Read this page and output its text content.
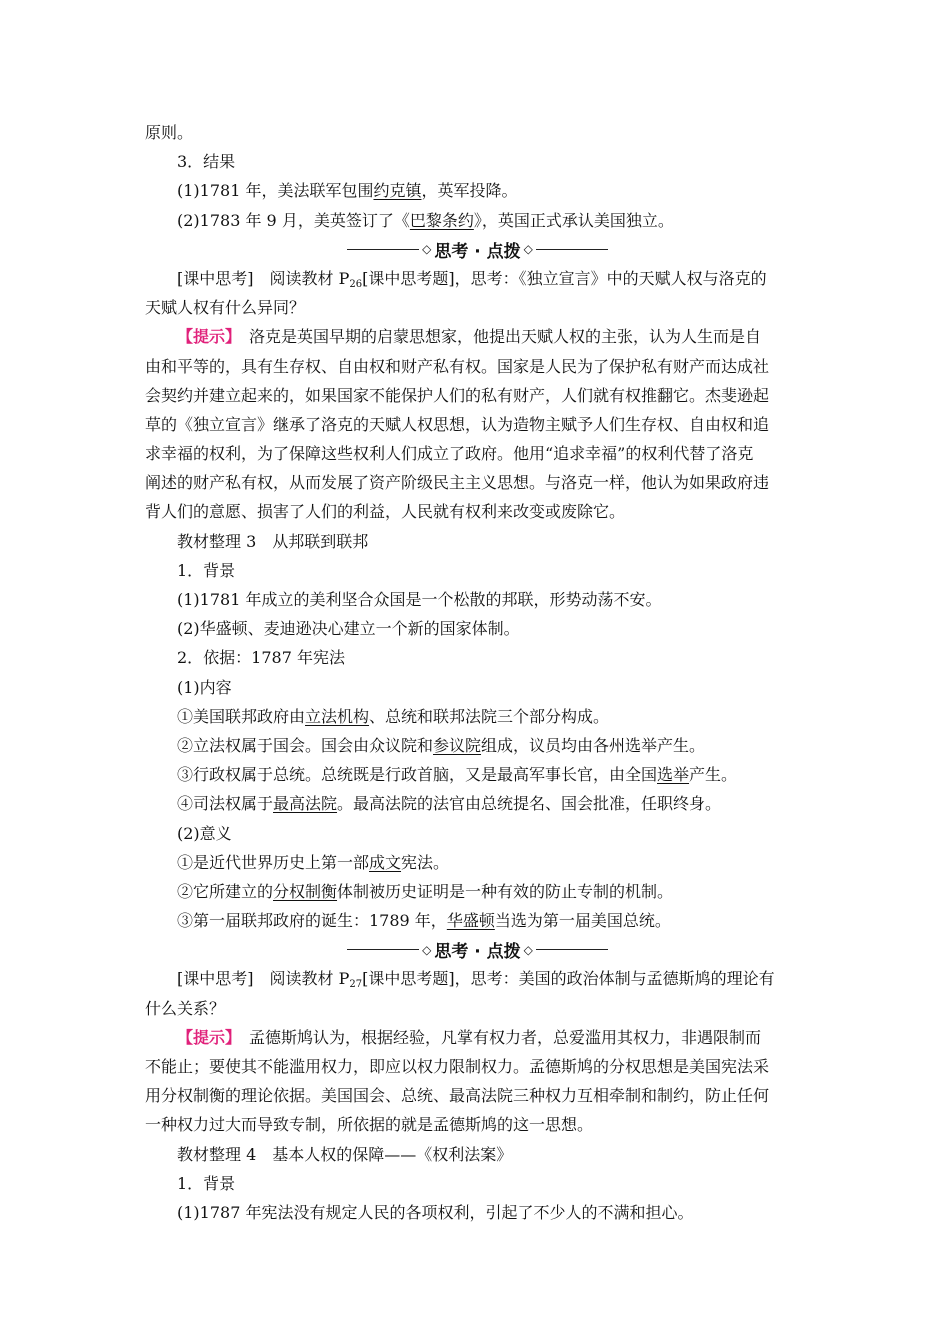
原则。
3．结果
(1)1781 年，美法联军包围约克镇，英军投降。
(2)1783 年 9 月，美英签订了《巴黎条约》，英国正式承认美国独立。
◇ 思考 · 点拨 ◇
[课中思考]　阅读教材 P26[课中思考题]，思考：《独立宣言》中的天赋人权与洛克的
天赋人权有什么异同？
【提示】　洛克是英国早期的启蒙思想家，他提出天赋人权的主张，认为人生而是自
由和平等的，具有生存权、自由权和财产私有权。国家是人民为了保护私有财产而达成社
会契约并建立起来的，如果国家不能保护人们的私有财产，人们就有权推翻它。杰斐逊起
草的《独立宣言》继承了洛克的天赋人权思想，认为造物主赋予人们生存权、自由权和追
求幸福的权利，为了保障这些权利人们成立了政府。他用“追求幸福”的权利代替了洛克
阐述的财产私有权，从而发展了资产阶级民主主义思想。与洛克一样，他认为如果政府违
背人们的意愿、损害了人们的利益，人民就有权利来改变或废除它。
教材整理 3　从邦联到联邦
1．背景
(1)1781 年成立的美利坚合众国是一个松散的邦联，形势动荡不安。
(2)华盛顿、麦迪逊决心建立一个新的国家体制。
2．依据：1787 年宪法
(1)内容
①美国联邦政府由立法机构、总统和联邦法院三个部分构成。
②立法权属于国会。国会由众议院和参议院组成，议员均由各州选举产生。
③行政权属于总统。总统既是行政首脑，又是最高军事长官，由全国选举产生。
④司法权属于最高法院。最高法院的法官由总统提名、国会批准，任职终身。
(2)意义
①是近代世界历史上第一部成文宪法。
②它所建立的分权制衡体制被历史证明是一种有效的防止专制的机制。
③第一届联邦政府的诞生：1789 年，华盛顿当选为第一届美国总统。
◇ 思考 · 点拨 ◇
[课中思考]　阅读教材 P27[课中思考题]，思考：美国的政治体制与孟德斯鸠的理论有
什么关系？
【提示】　孟德斯鸠认为，根据经验，凡掌有权力者，总爱滥用其权力，非遇限制而
不能止；要使其不能滥用权力，即应以权力限制权力。孟德斯鸠的分权思想是美国宪法采
用分权制衡的理论依据。美国国会、总统、最高法院三种权力互相牵制和制约，防止任何
一种权力过大而导致专制，所依据的就是孟德斯鸠的这一思想。
教材整理 4　基本人权的保障——《权利法案》
1．背景
(1)1787 年宪法没有规定人民的各项权利，引起了不少人的不满和担心。
